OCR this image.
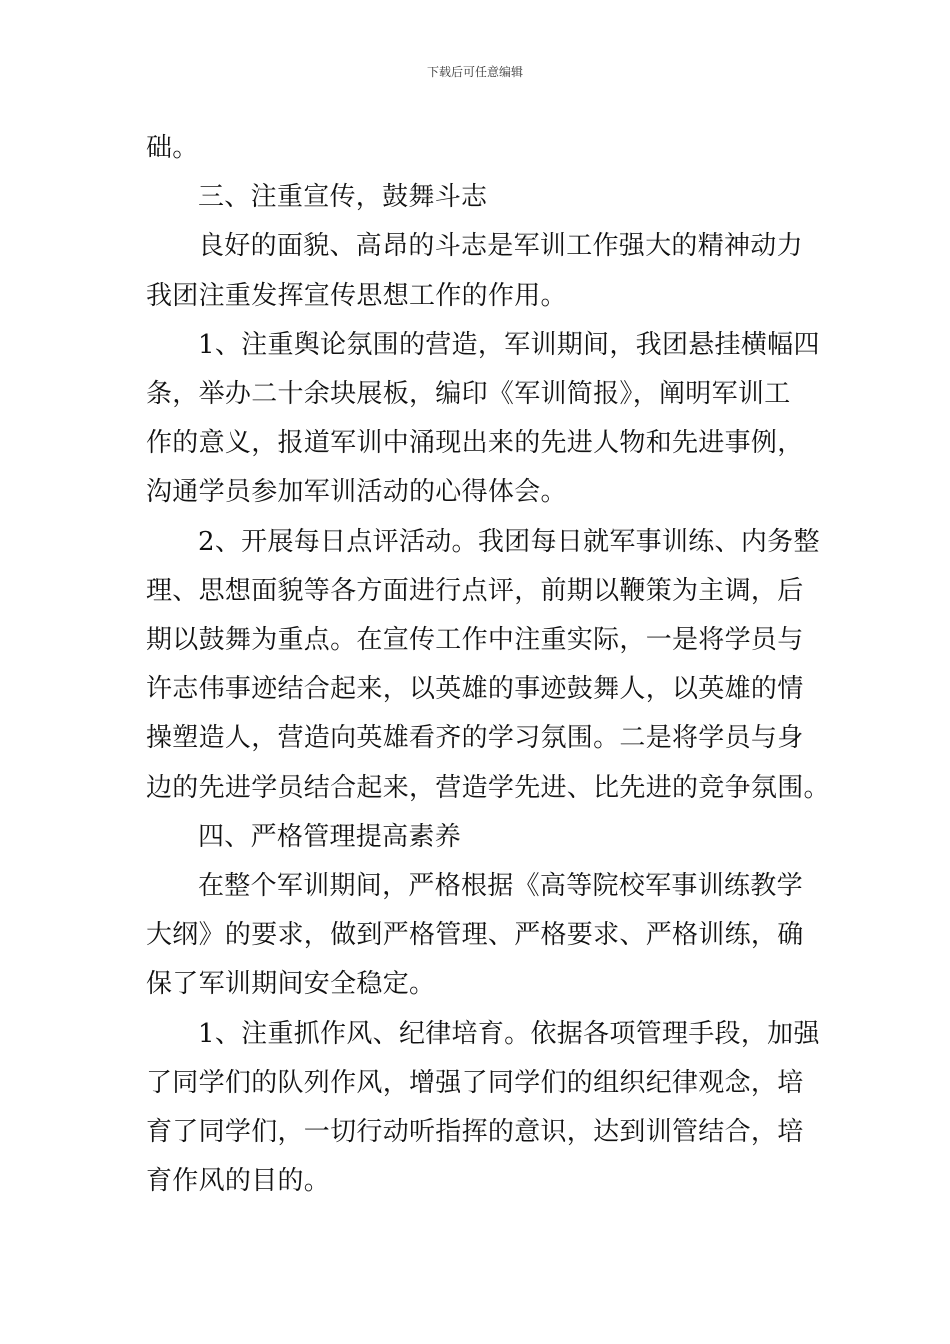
下载后可任意编辑
础。
三、注重宣传，鼓舞斗志
良好的面貌、高昂的斗志是军训工作强大的精神动力
我团注重发挥宣传思想工作的作用。
1、注重舆论氛围的营造，军训期间，我团悬挂横幅四
条，举办二十余块展板，编印《军训简报》，阐明军训工
作的意义，报道军训中涌现出来的先进人物和先进事例，
沟通学员参加军训活动的心得体会。
2、开展每日点评活动。我团每日就军事训练、内务整
理、思想面貌等各方面进行点评，前期以鞭策为主调，后
期以鼓舞为重点。在宣传工作中注重实际，一是将学员与
许志伟事迹结合起来，以英雄的事迹鼓舞人，以英雄的情
操塑造人，营造向英雄看齐的学习氛围。二是将学员与身
边的先进学员结合起来，营造学先进、比先进的竞争氛围。
四、严格管理提高素养
在整个军训期间，严格根据《高等院校军事训练教学
大纲》的要求，做到严格管理、严格要求、严格训练，确
保了军训期间安全稳定。
1、注重抓作风、纪律培育。依据各项管理手段，加强
了同学们的队列作风，增强了同学们的组织纪律观念，培
育了同学们，一切行动听指挥的意识，达到训管结合，培
育作风的目的。
